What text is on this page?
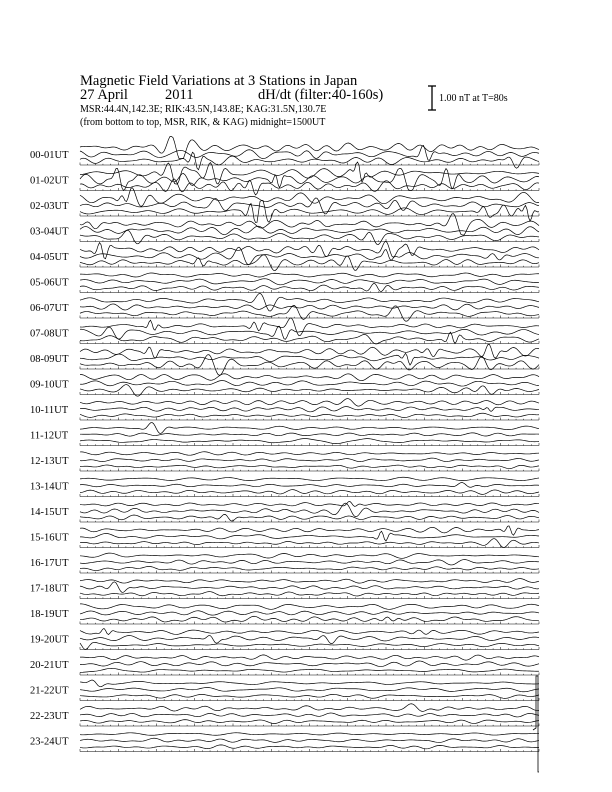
Magnetic Field Variations at 3 Stations in Japan
27 April	2011	dH/dt (filter:40-160s)
MSR:44.4N,142.3E; RIK:43.5N,143.8E; KAG:31.5N,130.7E
(from bottom to top, MSR, RIK, & KAG) midnight=1500UT
1.00 nT at T=80s
00-01UT
01-02UT
02-03UT
03-04UT
04-05UT
05-06UT
06-07UT
07-08UT
08-09UT
09-10UT
10-11UT
11-12UT
12-13UT
13-14UT
14-15UT
15-16UT
16-17UT
17-18UT
18-19UT
19-20UT
20-21UT
21-22UT
22-23UT
23-24UT
